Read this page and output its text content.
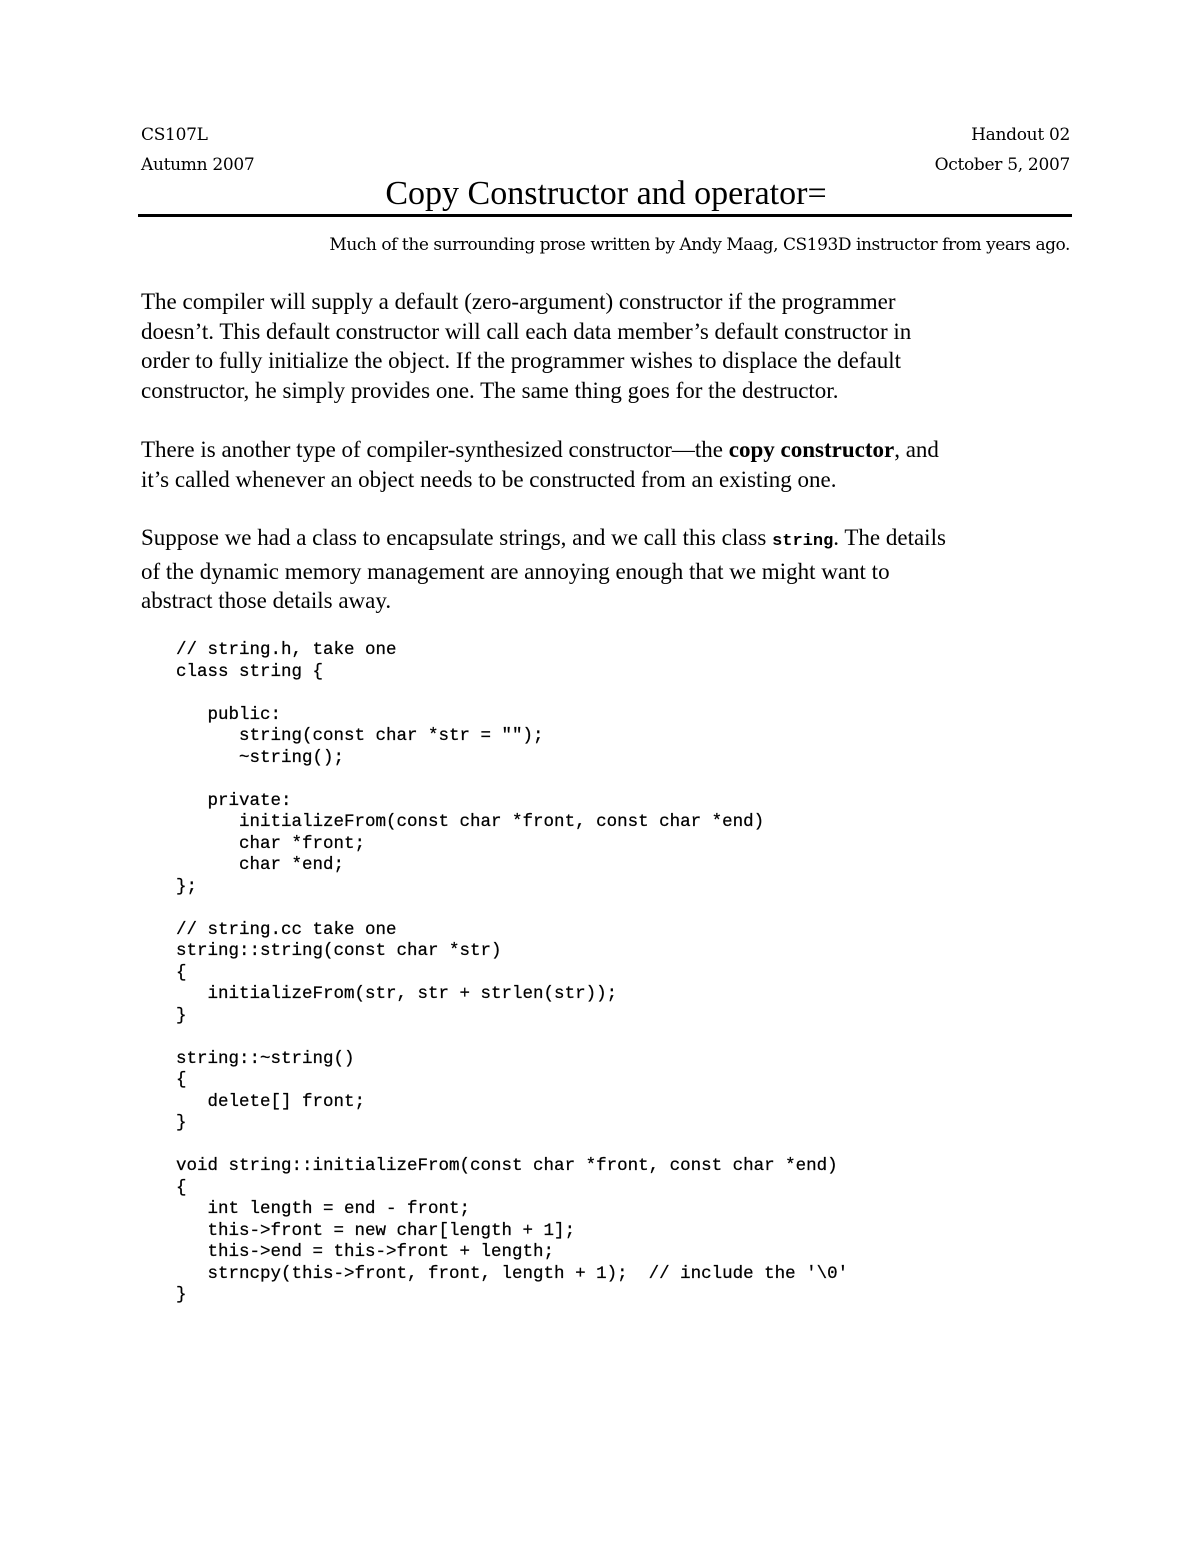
CS107L
Autumn 2007
Handout 02
October 5, 2007
Copy Constructor and operator=
Much of the surrounding prose written by Andy Maag, CS193D instructor from years ago.

The compiler will supply a default (zero-argument) constructor if the programmer
doesn’t. This default constructor will call each data member’s default constructor in
order to fully initialize the object. If the programmer wishes to displace the default
constructor, he simply provides one. The same thing goes for the destructor.

There is another type of compiler-synthesized constructor—the copy constructor, and
it’s called whenever an object needs to be constructed from an existing one.

Suppose we had a class to encapsulate strings, and we call this class string. The details
of the dynamic memory management are annoying enough that we might want to
abstract those details away.

// string.h, take one
class string {
public:
string(const char *str = "");
~string();
private:
initializeFrom(const char *front, const char *end)
char *front;
char *end;
};
// string.cc take one
string::string(const char *str)
{
initializeFrom(str, str + strlen(str));
}
string::~string()
{
delete[] front;
}
void string::initializeFrom(const char *front, const char *end)
{
int length = end - front;
this->front = new char[length + 1];
this->end = this->front + length;
strncpy(this->front, front, length + 1);  // include the '\0'
}
